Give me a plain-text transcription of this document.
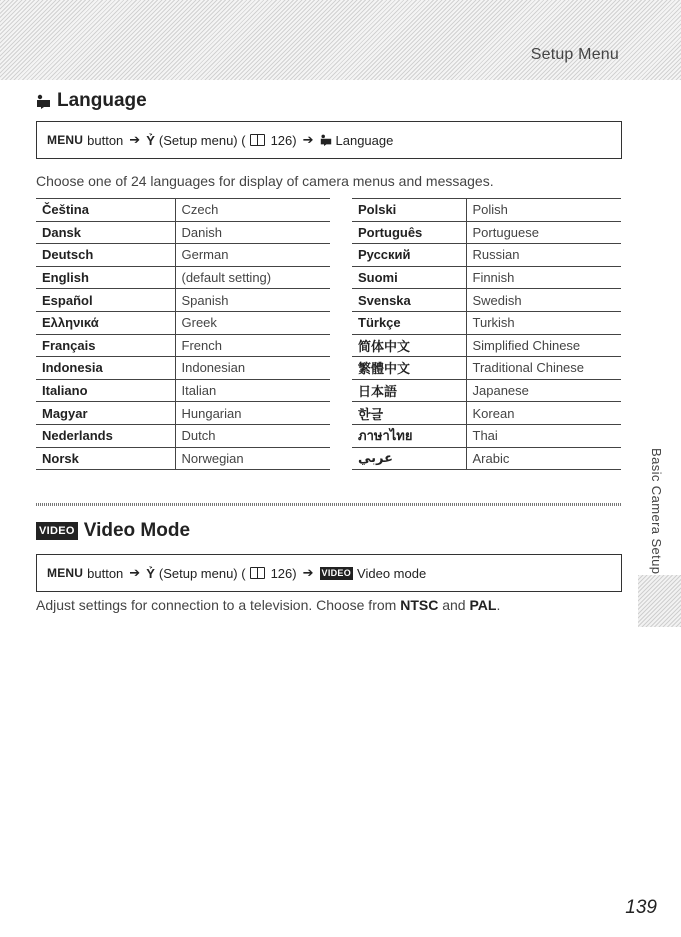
Setup Menu
Language
MENU button ➔ Ỷ (Setup menu) ( 126) ➔ Language
Choose one of 24 languages for display of camera menus and messages.
Čeština	Czech
Dansk	Danish
Deutsch	German
English	(default setting)
Español	Spanish
Ελληνικά	Greek
Français	French
Indonesia	Indonesian
Italiano	Italian
Magyar	Hungarian
Nederlands	Dutch
Norsk	Norwegian
Polski	Polish
Português	Portuguese
Русский	Russian
Suomi	Finnish
Svenska	Swedish
Türkçe	Turkish
简体中文	Simplified Chinese
繁體中文	Traditional Chinese
日本語	Japanese
한글	Korean
ภาษาไทย	Thai
عربي	Arabic
VIDEO Video Mode
MENU button ➔ Ỷ (Setup menu) ( 126) ➔ VIDEO Video mode
Adjust settings for connection to a television. Choose from NTSC and PAL.
Basic Camera Setup
139
